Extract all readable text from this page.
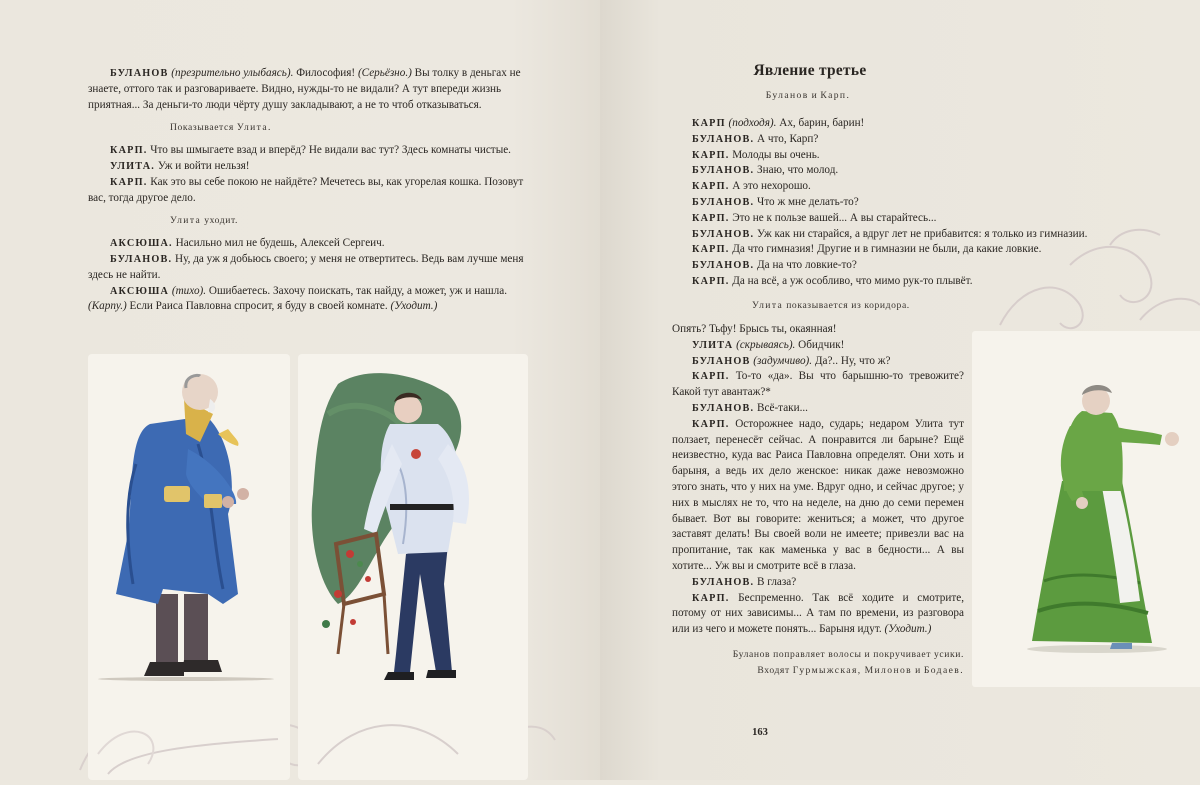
БУЛАНОВ (презрительно улыбаясь). Философия! (Серьёзно.) Вы толку в деньгах не знаете, оттого так и разговариваете. Видно, нужды-то не видали? А тут впереди жизнь приятная... За деньги-то люди чёрту душу закладывают, а не то чтоб отказываться.

Показывается Улита.

КАРП. Что вы шмыгаете взад и вперёд? Не видали вас тут? Здесь комнаты чистые.

УЛИТА. Уж и войти нельзя!

КАРП. Как это вы себе покою не найдёте? Мечетесь вы, как угорелая кошка. Позовут вас, тогда другое дело.

Улита уходит.

АКСЮША. Насильно мил не будешь, Алексей Сергеич.

БУЛАНОВ. Ну, да уж я добьюсь своего; у меня не отвертитесь. Ведь вам лучше меня здесь не найти.

АКСЮША (тихо). Ошибаетесь. Захочу поискать, так найду, а может, уж и нашла. (Карпу.) Если Раиса Павловна спросит, я буду в своей комнате. (Уходит.)

Явление третье
Буланов и Карп.

КАРП (подходя). Ах, барин, барин!

БУЛАНОВ. А что, Карп?

КАРП. Молоды вы очень.

БУЛАНОВ. Знаю, что молод.

КАРП. А это нехорошо.

БУЛАНОВ. Что ж мне делать-то?

КАРП. Это не к пользе вашей... А вы старайтесь...

БУЛАНОВ. Уж как ни старайся, а вдруг лет не прибавится: я только из гимназии.

КАРП. Да что гимназия! Другие и в гимназии не были, да какие ловкие.

БУЛАНОВ. Да на что ловкие-то?

КАРП. Да на всё, а уж особливо, что мимо рук-то плывёт.

Улита показывается из коридора.

Опять? Тьфу! Брысь ты, окаянная!

УЛИТА (скрываясь). Обидчик!

БУЛАНОВ (задумчиво). Да?.. Ну, что ж?

КАРП. То-то «да». Вы что барышню-то тревожите? Какой тут авантаж?*

БУЛАНОВ. Всё-таки...

КАРП. Осторожнее надо, сударь; недаром Улита тут ползает, перенесёт сейчас. А понравится ли барыне? Ещё неизвестно, куда вас Раиса Павловна определят. Они хоть и барыня, а ведь их дело женское: никак даже невозможно этого знать, что у них на уме. Вдруг одно, и сейчас другое; у них в мыслях не то, что на неделе, на дню до семи перемен бывает. Вот вы говорите: жениться; а может, что другое заставят делать! Вы своей воли не имеете; привезли вас на пропитание, так как маменька у вас в бедности... А вы хотите... Уж вы и смотрите всё в глаза.

БУЛАНОВ. В глаза?

КАРП. Беспременно. Так всё ходите и смотрите, потому от них зависимы... А там по времени, из разговора или из чего и можете понять... Барыня идут. (Уходит.)

Буланов поправляет волосы и покручивает усики.
Входят Гурмыжская, Милонов и Бодаев.
163
